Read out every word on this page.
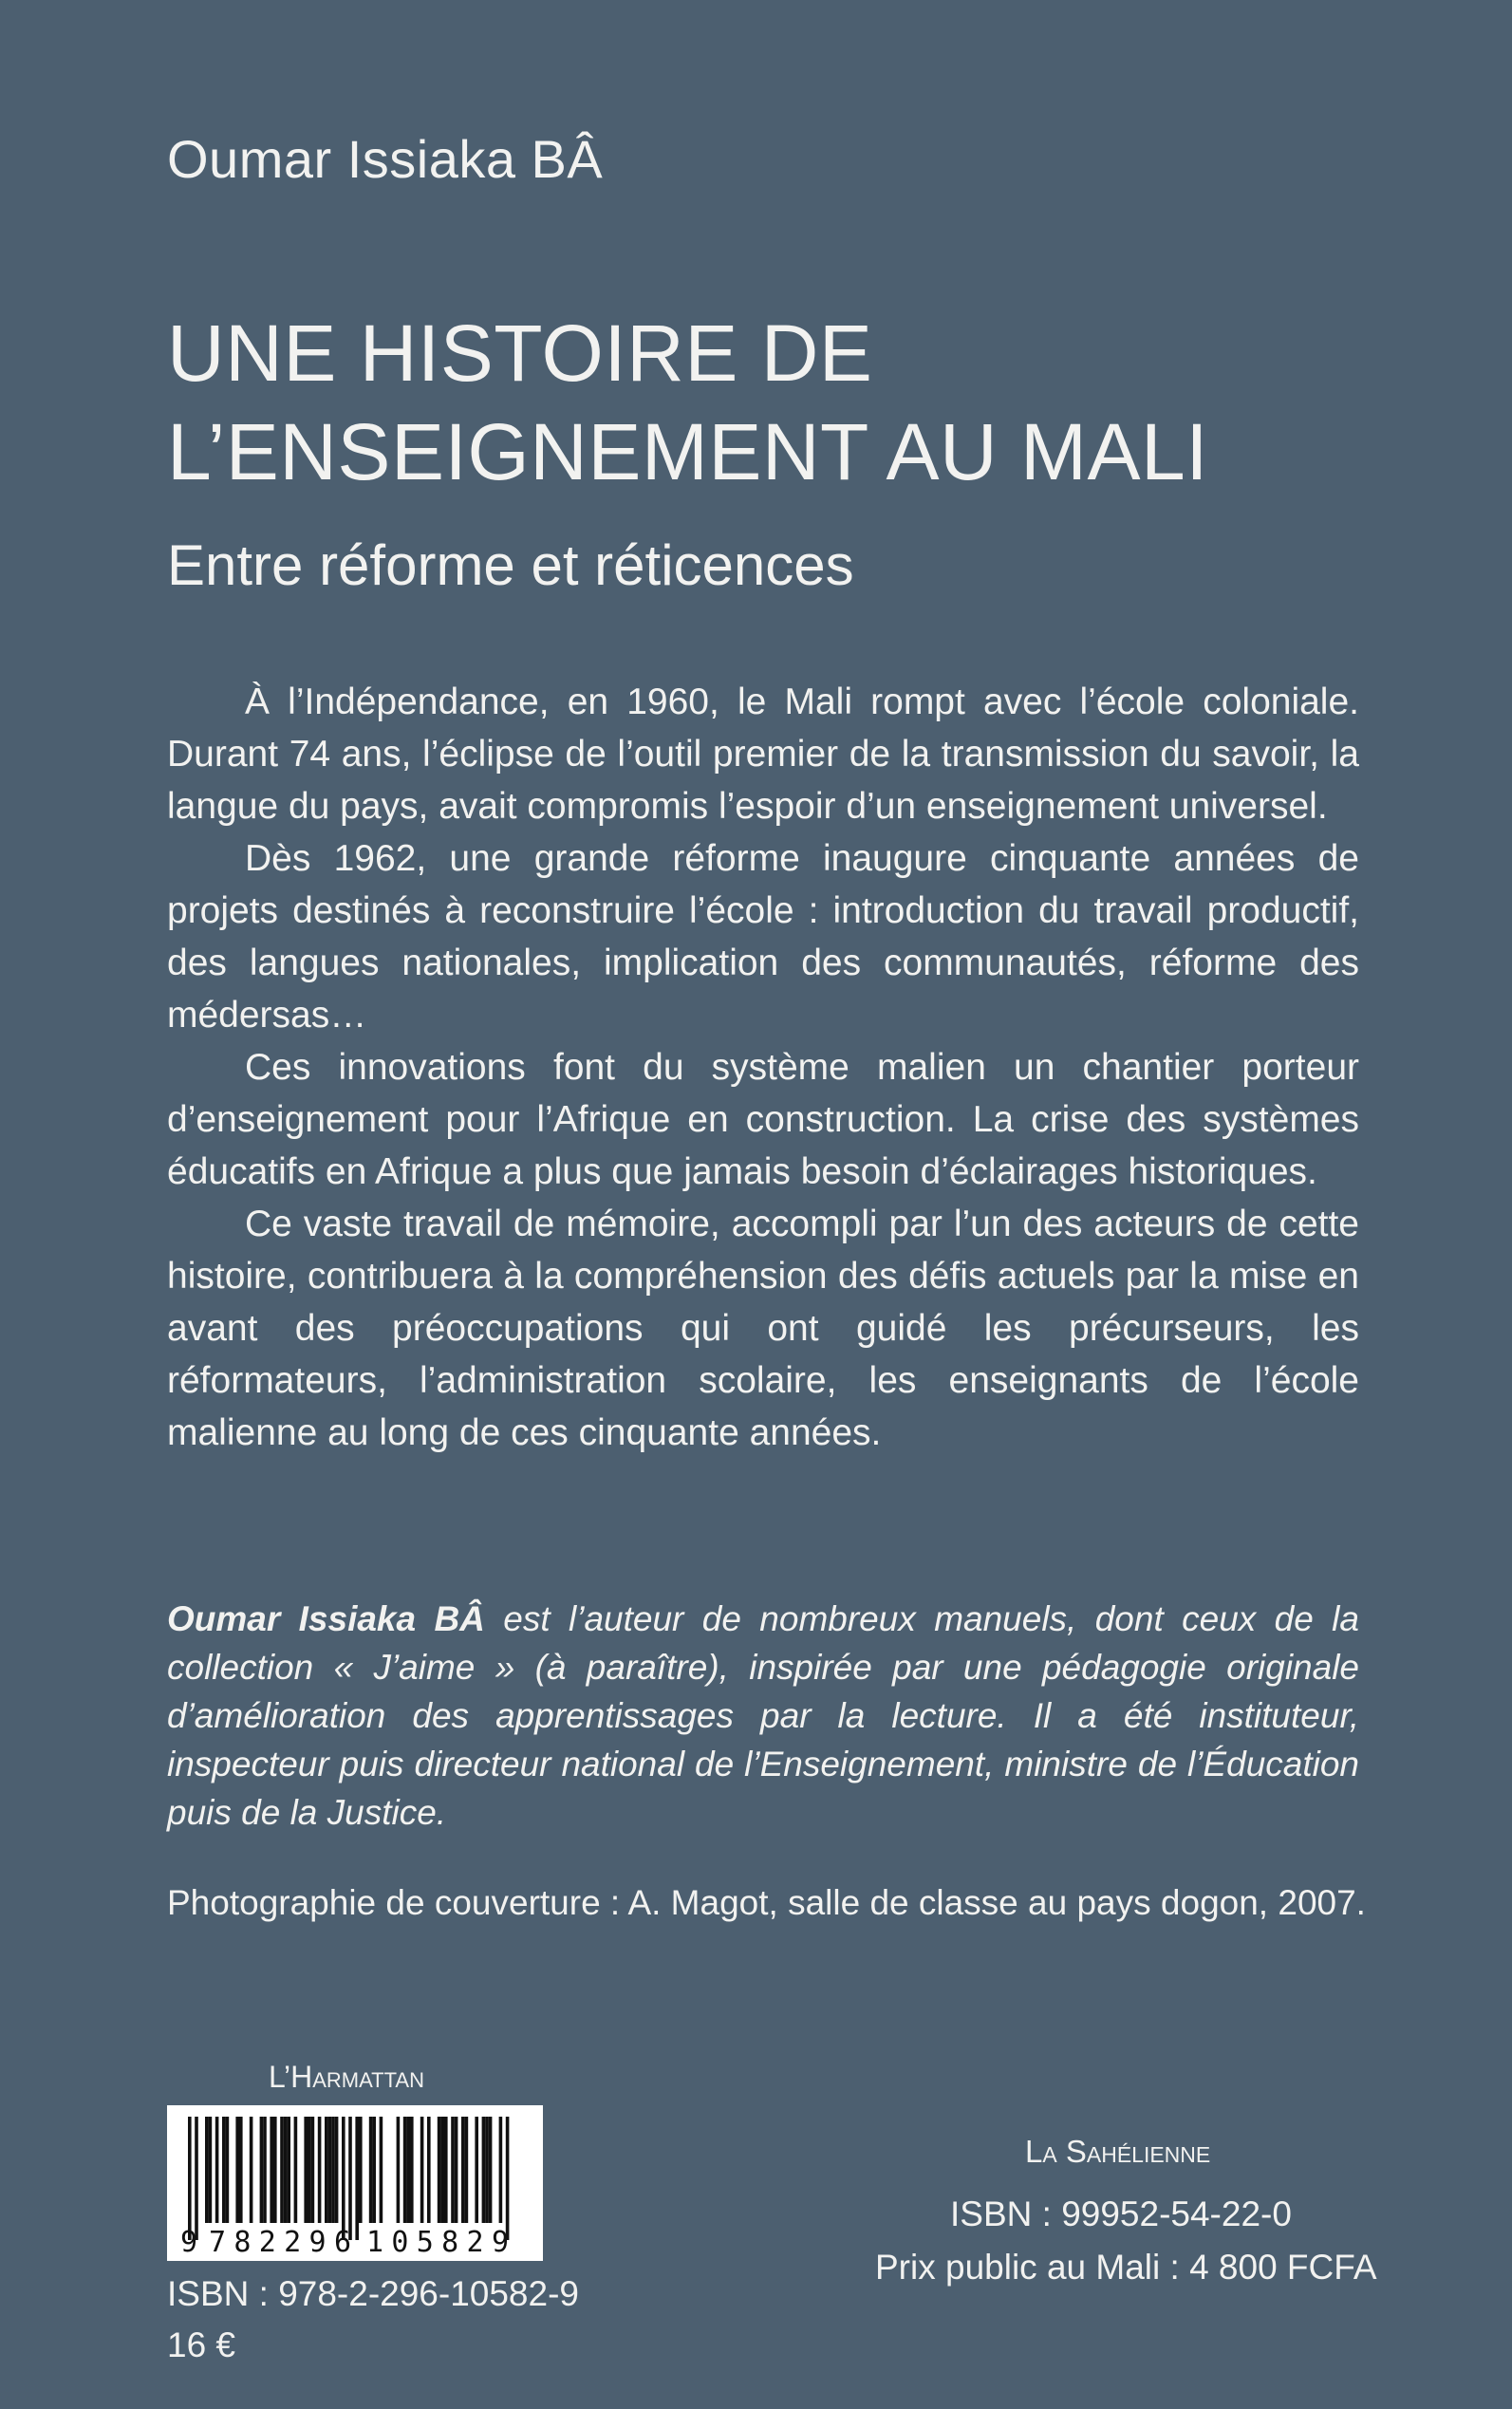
Oumar Issiaka BÂ
UNE HISTOIRE DE
L’ENSEIGNEMENT AU MALI
Entre réforme et réticences

À l’Indépendance, en 1960, le Mali rompt avec l’école coloniale. Durant 74 ans, l’éclipse de l’outil premier de la transmission du savoir, la langue du pays, avait compromis l’espoir d’un enseignement universel.

Dès 1962, une grande réforme inaugure cinquante années de projets destinés à reconstruire l’école : introduction du travail productif, des langues nationales, implication des communautés, réforme des médersas…

Ces innovations font du système malien un chantier porteur d’enseignement pour l’Afrique en construction. La crise des systèmes éducatifs en Afrique a plus que jamais besoin d’éclairages historiques.

Ce vaste travail de mémoire, accompli par l’un des acteurs de cette histoire, contribuera à la compréhension des défis actuels par la mise en avant des préoccupations qui ont guidé les précurseurs, les réformateurs, l’administration scolaire, les enseignants de l’école malienne au long de ces cinquante années.

Oumar Issiaka BÂ est l’auteur de nombreux manuels, dont ceux de la collection « J’aime » (à paraître), inspirée par une pédagogie originale d’amélioration des apprentissages par la lecture. Il a été instituteur, inspecteur puis directeur national de l’Enseignement, ministre de l’Éducation puis de la Justice.
Photographie de couverture : A. Magot, salle de classe au pays dogon, 2007.
L’Harmattan
9 782296 105829
ISBN : 978-2-296-10582-9
16 €
La Sahélienne
ISBN : 99952-54-22-0
Prix public au Mali : 4 800 FCFA
